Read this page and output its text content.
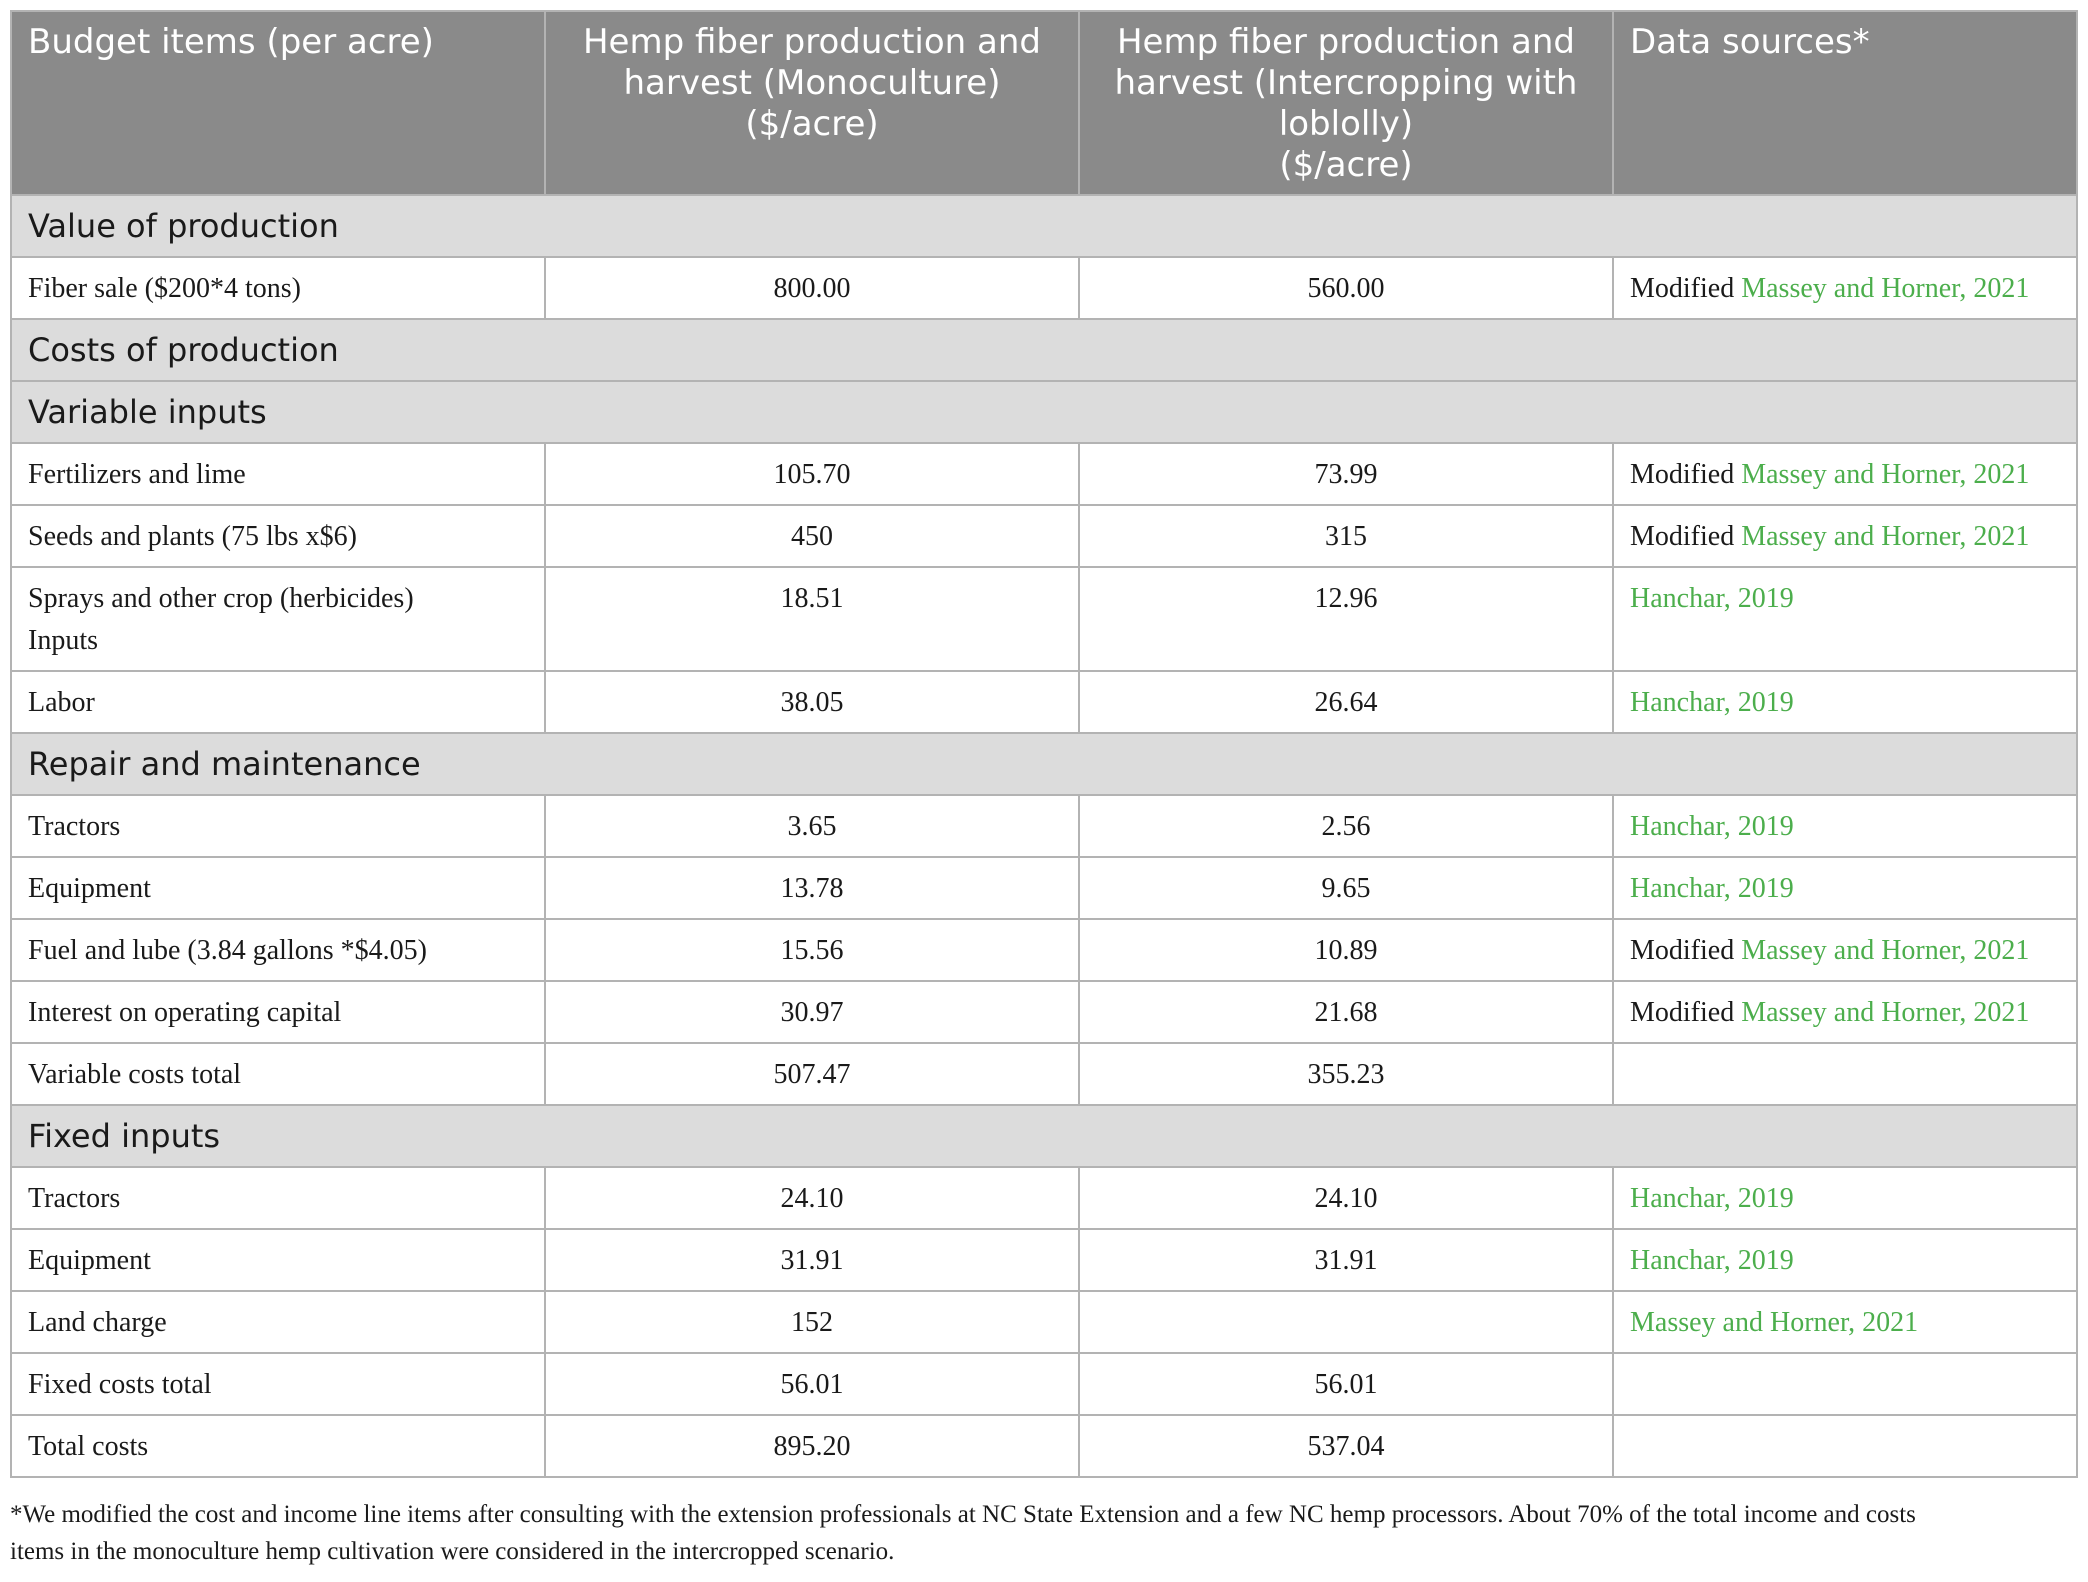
Budget items (per acre)	Hemp fiber production and
harvest (Monoculture)
($/acre)	Hemp fiber production and
harvest (Intercropping with
loblolly)
($/acre)	Data sources*
Value of production			
Fiber sale ($200*4 tons)	800.00	560.00	Modified Massey and Horner, 2021
Costs of production			
Variable inputs			
Fertilizers and lime	105.70	73.99	Modified Massey and Horner, 2021
Seeds and plants (75 lbs x$6)	450	315	Modified Massey and Horner, 2021
Sprays and other crop (herbicides)
Inputs	18.51	12.96	Hanchar, 2019
Labor	38.05	26.64	Hanchar, 2019
Repair and maintenance			
Tractors	3.65	2.56	Hanchar, 2019
Equipment	13.78	9.65	Hanchar, 2019
Fuel and lube (3.84 gallons *$4.05)	15.56	10.89	Modified Massey and Horner, 2021
Interest on operating capital	30.97	21.68	Modified Massey and Horner, 2021
Variable costs total	507.47	355.23	
Fixed inputs			
Tractors	24.10	24.10	Hanchar, 2019
Equipment	31.91	31.91	Hanchar, 2019
Land charge	152		Massey and Horner, 2021
Fixed costs total	56.01	56.01	
Total costs	895.20	537.04	
*We modified the cost and income line items after consulting with the extension professionals at NC State Extension and a few NC hemp processors. About 70% of the total income and costs
items in the monoculture hemp cultivation were considered in the intercropped scenario.
